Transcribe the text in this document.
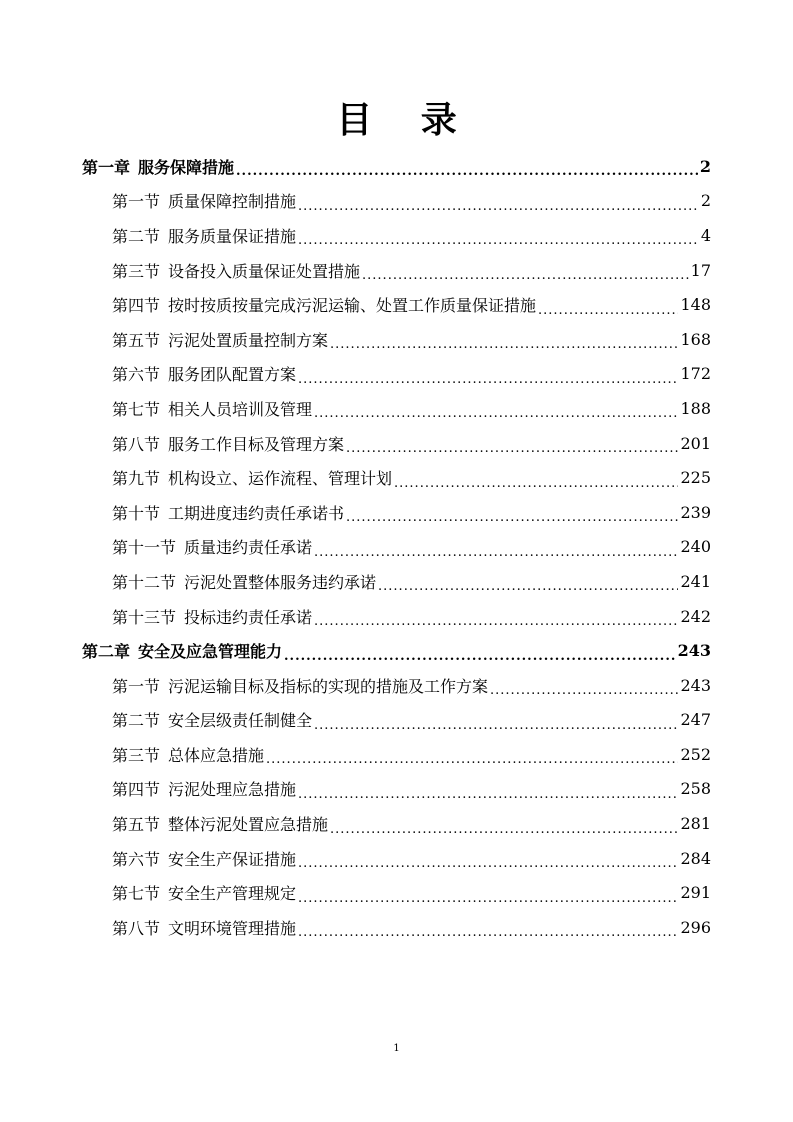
目 录
第一章 服务保障措施 .....	2
第一节 质量保障控制措施 .....	2
第二节 服务质量保证措施 .....	4
第三节 设备投入质量保证处置措施 .....	17
第四节 按时按质按量完成污泥运输、处置工作质量保证措施 .....	148
第五节 污泥处置质量控制方案 .....	168
第六节 服务团队配置方案 .....	172
第七节 相关人员培训及管理 .....	188
第八节 服务工作目标及管理方案 .....	201
第九节 机构设立、运作流程、管理计划 .....	225
第十节 工期进度违约责任承诺书 .....	239
第十一节 质量违约责任承诺 .....	240
第十二节 污泥处置整体服务违约承诺 .....	241
第十三节 投标违约责任承诺 .....	242
第二章 安全及应急管理能力 .....	243
第一节 污泥运输目标及指标的实现的措施及工作方案 .....	243
第二节 安全层级责任制健全 .....	247
第三节 总体应急措施 .....	252
第四节 污泥处理应急措施 .....	258
第五节 整体污泥处置应急措施 .....	281
第六节 安全生产保证措施 .....	284
第七节 安全生产管理规定 .....	291
第八节 文明环境管理措施 .....	296
1
